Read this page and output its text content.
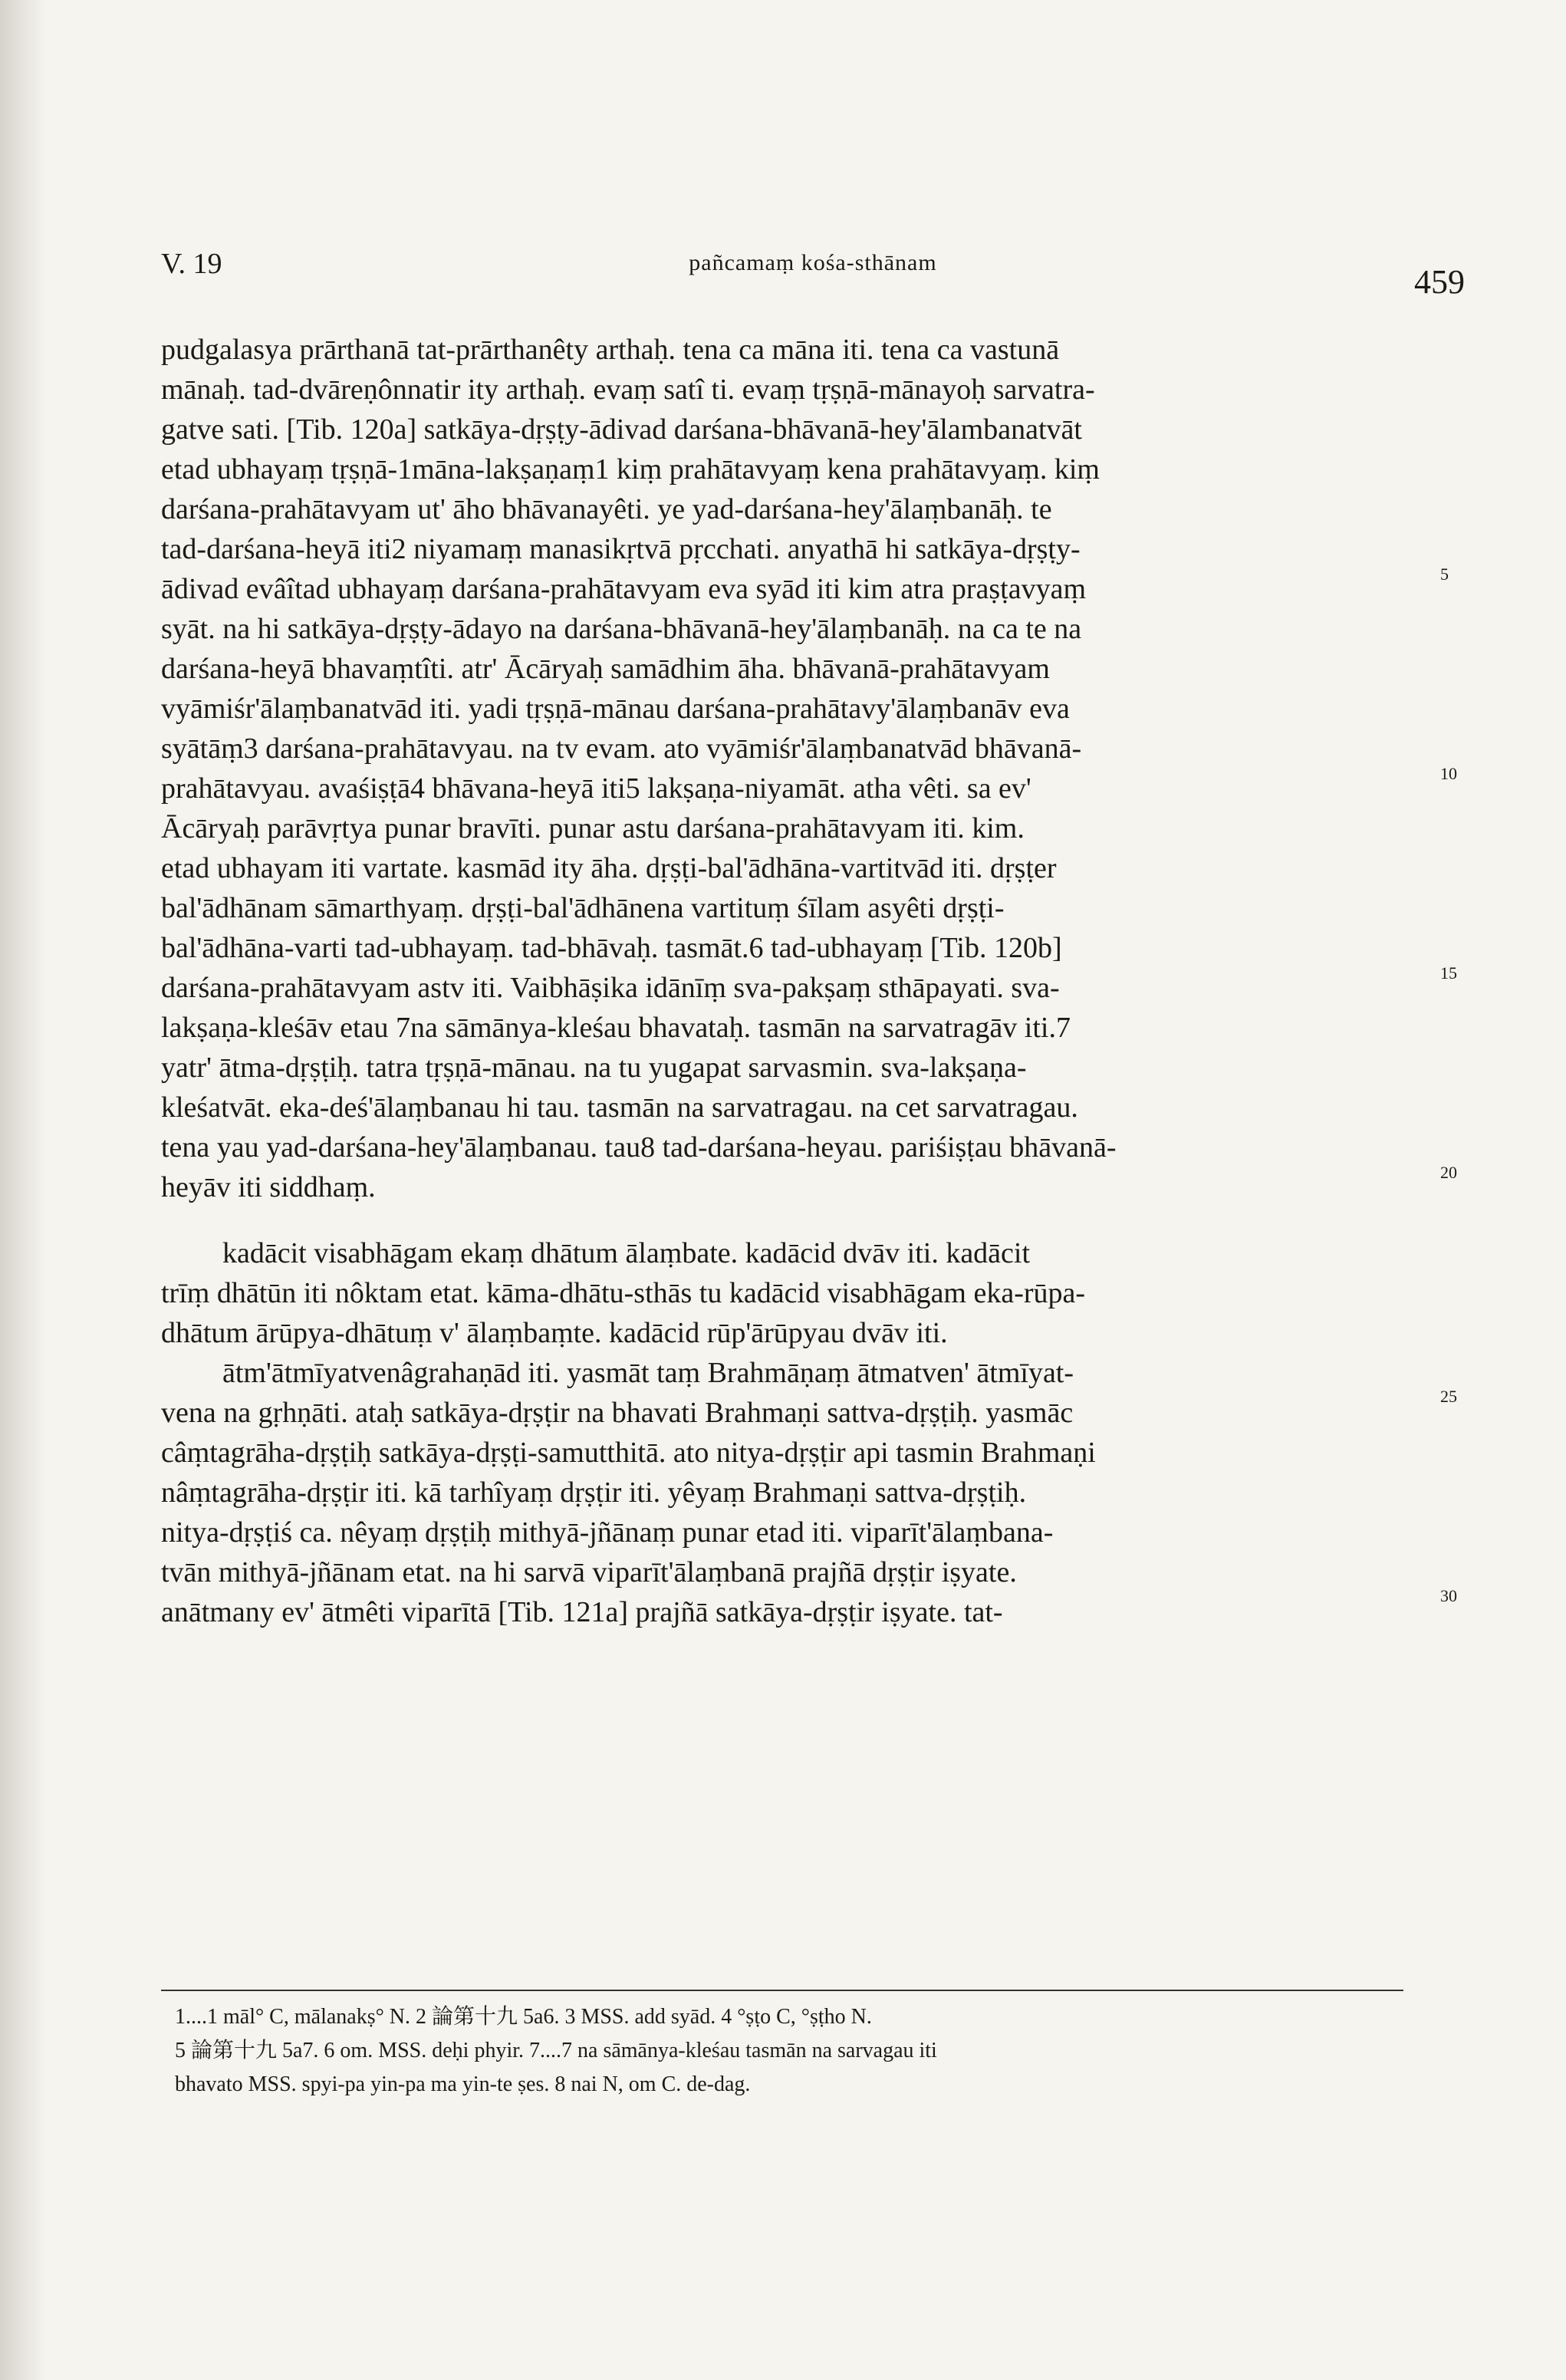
V. 19	pañcamaṃ kośa-sthānam
459
pudgalasya prārthanā tat-prārthanêty arthaḥ. tena ca māna iti. tena ca vastunā
mānaḥ. tad-dvāreṇônnatir ity arthaḥ. evaṃ satî ti. evaṃ tṛṣṇā-mānayoḥ sarvatra-
gatve sati. [Tib. 120a] satkāya-dṛṣṭy-ādivad darśana-bhāvanā-hey'ālambanatvāt
etad ubhayaṃ tṛṣṇā-1māna-lakṣaṇaṃ1 kiṃ prahātavyaṃ kena prahātavyaṃ. kiṃ
darśana-prahātavyam ut' āho bhāvanayêti. ye yad-darśana-hey'ālaṃbanāḥ. te
tad-darśana-heyā iti2 niyamaṃ manasikṛtvā pṛcchati. anyathā hi satkāya-dṛṣṭy-
ādivad evâîtad ubhayaṃ darśana-prahātavyam eva syād iti kim atra praṣṭavyaṃ
syāt. na hi satkāya-dṛṣṭy-ādayo na darśana-bhāvanā-hey'ālaṃbanāḥ. na ca te na
darśana-heyā bhavaṃtîti. atr' Ācāryaḥ samādhim āha. bhāvanā-prahātavyam
vyāmiśr'ālaṃbanatvād iti. yadi tṛṣṇā-mānau darśana-prahātavy'ālaṃbanāv eva
syātāṃ3 darśana-prahātavyau. na tv evam. ato vyāmiśr'ālaṃbanatvād bhāvanā-
prahātavyau. avaśiṣṭā4 bhāvana-heyā iti5 lakṣaṇa-niyamāt. atha vêti. sa ev'
Ācāryaḥ parāvṛtya punar bravīti. punar astu darśana-prahātavyam iti. kim.
etad ubhayam iti vartate. kasmād ity āha. dṛṣṭi-bal'ādhāna-vartitvād iti. dṛṣṭer
bal'ādhānam sāmarthyaṃ. dṛṣṭi-bal'ādhānena vartituṃ śīlam asyêti dṛṣṭi-
bal'ādhāna-varti tad-ubhayaṃ. tad-bhāvaḥ. tasmāt.6 tad-ubhayaṃ [Tib. 120b]
darśana-prahātavyam astv iti. Vaibhāṣika idānīṃ sva-pakṣaṃ sthāpayati. sva-
lakṣaṇa-kleśāv etau 7na sāmānya-kleśau bhavataḥ. tasmān na sarvatragāv iti.7
yatr' ātma-dṛṣṭiḥ. tatra tṛṣṇā-mānau. na tu yugapat sarvasmin. sva-lakṣaṇa-
kleśatvāt. eka-deś'ālaṃbanau hi tau. tasmān na sarvatragau. na cet sarvatragau.
tena yau yad-darśana-hey'ālaṃbanau. tau8 tad-darśana-heyau. pariśiṣṭau bhāvanā-
heyāv iti siddhaṃ.
kadācit visabhāgam ekaṃ dhātum ālaṃbate. kadācid dvāv iti. kadācit
trīṃ dhātūn iti nôktam etat. kāma-dhātu-sthās tu kadācid visabhāgam eka-rūpa-
dhātum ārūpya-dhātuṃ v' ālaṃbaṃte. kadācid rūp'ārūpyau dvāv iti.
ātm'ātmīyatvenâgrahaṇād iti. yasmāt taṃ Brahmāṇaṃ ātmatven' ātmīyat-
vena na gṛhṇāti. ataḥ satkāya-dṛṣṭir na bhavati Brahmaṇi sattva-dṛṣṭiḥ. yasmāc
câṃtagrāha-dṛṣṭiḥ satkāya-dṛṣṭi-samutthitā. ato nitya-dṛṣṭir api tasmin Brahmaṇi
nâṃtagrāha-dṛṣṭir iti. kā tarhîyaṃ dṛṣṭir iti. yêyaṃ Brahmaṇi sattva-dṛṣṭiḥ.
nitya-dṛṣṭiś ca. nêyaṃ dṛṣṭiḥ mithyā-jñānaṃ punar etad iti. viparīt'ālaṃbana-
tvān mithyā-jñānam etat. na hi sarvā viparīt'ālaṃbanā prajñā dṛṣṭir iṣyate.
anātmany ev' ātmêti viparītā [Tib. 121a] prajñā satkāya-dṛṣṭir iṣyate. tat-
5
10
15
20
25
30
1....1 māl° C, mālanakṣ° N. 2 論第十九 5a6. 3 MSS. add syād. 4 °ṣṭo C, °ṣṭho N.
5 論第十九 5a7. 6 om. MSS. deḥi phyir. 7....7 na sāmānya-kleśau tasmān na sarvagau iti
bhavato MSS. spyi-pa yin-pa ma yin-te ṣes. 8 nai N, om C. de-dag.
